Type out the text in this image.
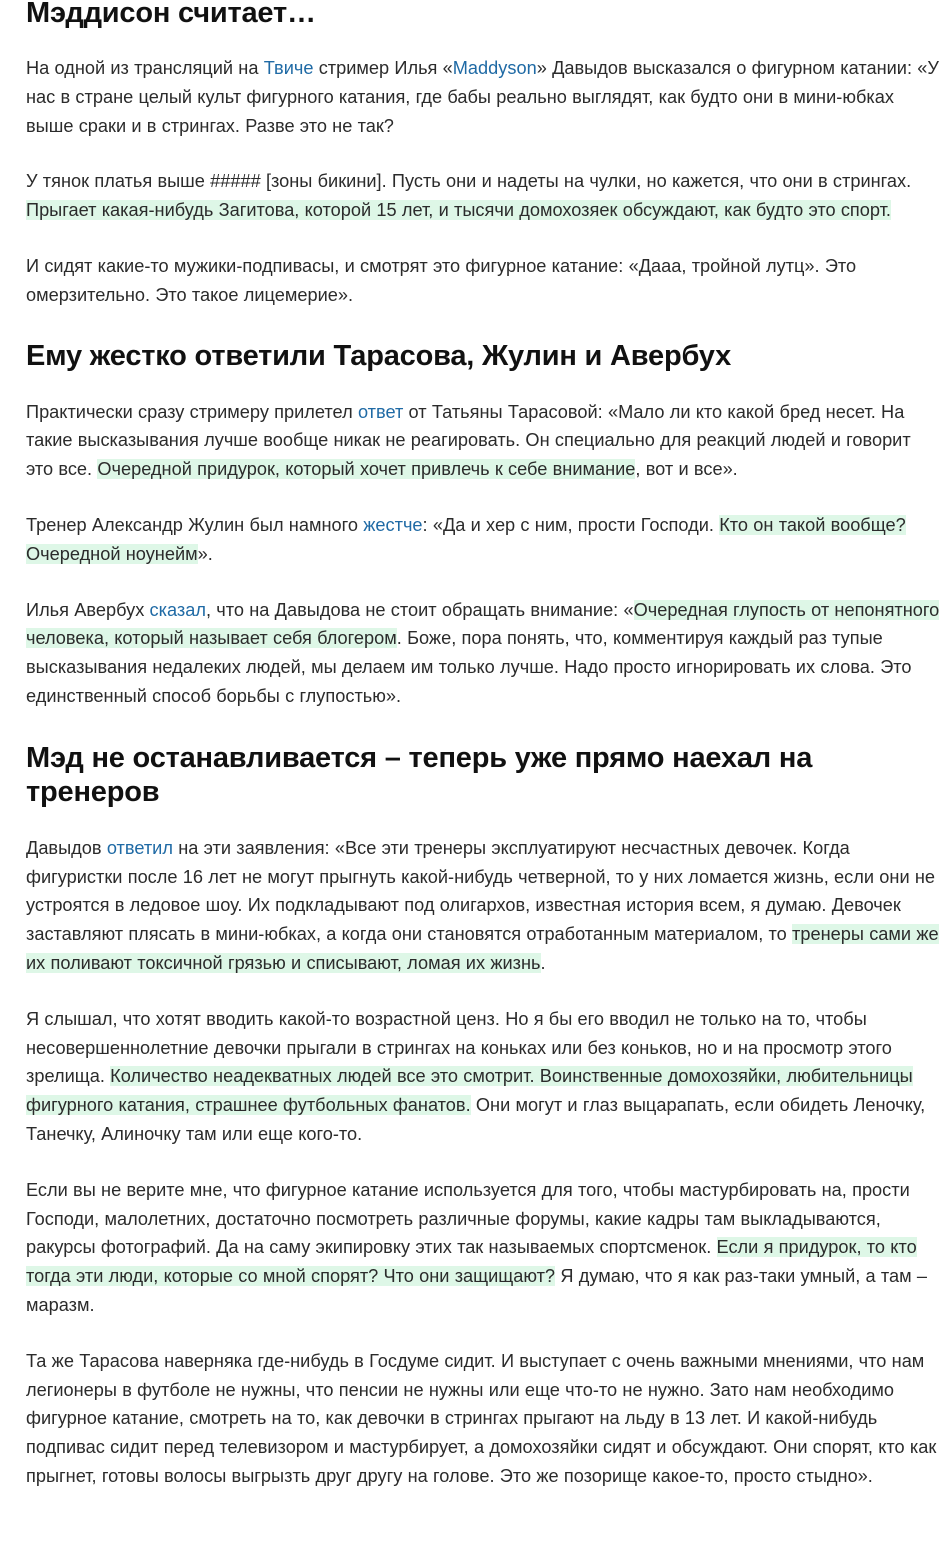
Мэддисон считает…

На одной из трансляций на Твиче стример Илья «Maddyson» Давыдов высказался о фигурном катании: «У нас в стране целый культ фигурного катания, где бабы реально выглядят, как будто они в мини-юбках выше сраки и в стрингах. Разве это не так?

У тянок платья выше ##### [зоны бикини]. Пусть они и надеты на чулки, но кажется, что они в стрингах. Прыгает какая-нибудь Загитова, которой 15 лет, и тысячи домохозяек обсуждают, как будто это спорт.

И сидят какие-то мужики-подпивасы, и смотрят это фигурное катание: «Дааа, тройной лутц». Это омерзительно. Это такое лицемерие».

Ему жестко ответили Тарасова, Жулин и Авербух

Практически сразу стримеру прилетел ответ от Татьяны Тарасовой: «Мало ли кто какой бред несет. На такие высказывания лучше вообще никак не реагировать. Он специально для реакций людей и говорит это все. Очередной придурок, который хочет привлечь к себе внимание, вот и все».

Тренер Александр Жулин был намного жестче: «Да и хер с ним, прости Господи. Кто он такой вообще? Очередной ноунейм».

Илья Авербух сказал, что на Давыдова не стоит обращать внимание: «Очередная глупость от непонятного человека, который называет себя блогером. Боже, пора понять, что, комментируя каждый раз тупые высказывания недалеких людей, мы делаем им только лучше. Надо просто игнорировать их слова. Это единственный способ борьбы с глупостью».

Мэд не останавливается – теперь уже прямо наехал на тренеров

Давыдов ответил на эти заявления: «Все эти тренеры эксплуатируют несчастных девочек. Когда фигуристки после 16 лет не могут прыгнуть какой-нибудь четверной, то у них ломается жизнь, если они не устроятся в ледовое шоу. Их подкладывают под олигархов, известная история всем, я думаю. Девочек заставляют плясать в мини-юбках, а когда они становятся отработанным материалом, то тренеры сами же их поливают токсичной грязью и списывают, ломая их жизнь.

Я слышал, что хотят вводить какой-то возрастной ценз. Но я бы его вводил не только на то, чтобы несовершеннолетние девочки прыгали в стрингах на коньках или без коньков, но и на просмотр этого зрелища. Количество неадекватных людей все это смотрит. Воинственные домохозяйки, любительницы фигурного катания, страшнее футбольных фанатов. Они могут и глаз выцарапать, если обидеть Леночку, Танечку, Алиночку там или еще кого-то.

Если вы не верите мне, что фигурное катание используется для того, чтобы мастурбировать на, прости Господи, малолетних, достаточно посмотреть различные форумы, какие кадры там выкладываются, ракурсы фотографий. Да на саму экипировку этих так называемых спортсменок. Если я придурок, то кто тогда эти люди, которые со мной спорят? Что они защищают? Я думаю, что я как раз-таки умный, а там – маразм.

Та же Тарасова наверняка где-нибудь в Госдуме сидит. И выступает с очень важными мнениями, что нам легионеры в футболе не нужны, что пенсии не нужны или еще что-то не нужно. Зато нам необходимо фигурное катание, смотреть на то, как девочки в стрингах прыгают на льду в 13 лет. И какой-нибудь подпивас сидит перед телевизором и мастурбирует, а домохозяйки сидят и обсуждают. Они спорят, кто как прыгнет, готовы волосы выгрызть друг другу на голове. Это же позорище какое-то, просто стыдно».
